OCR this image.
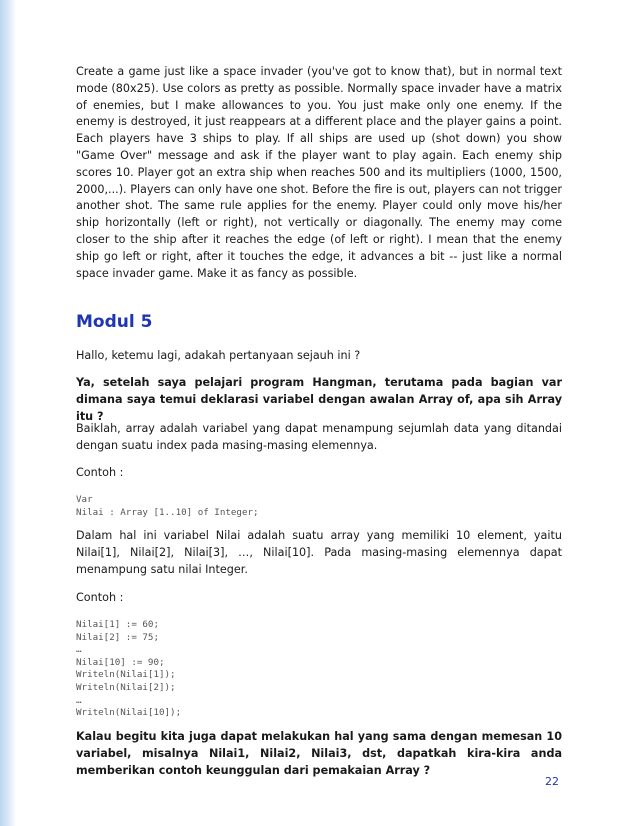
Create a game just like a space invader (you've got to know that), but in normal text mode (80x25). Use colors as pretty as possible. Normally space invader have a matrix of enemies, but I make allowances to you. You just make only one enemy. If the enemy is destroyed, it just reappears at a different place and the player gains a point. Each players have 3 ships to play. If all ships are used up (shot down) you show "Game Over" message and ask if the player want to play again. Each enemy ship scores 10. Player got an extra ship when reaches 500 and its multipliers (1000, 1500, 2000,...). Players can only have one shot. Before the fire is out, players can not trigger another shot. The same rule applies for the enemy. Player could only move his/her ship horizontally (left or right), not vertically or diagonally. The enemy may come closer to the ship after it reaches the edge (of left or right). I mean that the enemy ship go left or right, after it touches the edge, it advances a bit -- just like a normal space invader game. Make it as fancy as possible.

Modul 5

Hallo, ketemu lagi, adakah pertanyaan sejauh ini ?

Ya, setelah saya pelajari program Hangman, terutama pada bagian var dimana saya temui deklarasi variabel dengan awalan Array of, apa sih Array itu ?

Baiklah, array adalah variabel yang dapat menampung sejumlah data yang ditandai dengan suatu index pada masing-masing elemennya.

Contoh :

Var
Nilai : Array [1..10] of Integer;

Dalam hal ini variabel Nilai adalah suatu array yang memiliki 10 element, yaitu Nilai[1], Nilai[2], Nilai[3], …, Nilai[10]. Pada masing-masing elemennya dapat menampung satu nilai Integer.

Contoh :

Nilai[1] := 60;
Nilai[2] := 75;
…
Nilai[10] := 90;
Writeln(Nilai[1]);
Writeln(Nilai[2]);
…
Writeln(Nilai[10]);

Kalau begitu kita juga dapat melakukan hal yang sama dengan memesan 10 variabel, misalnya Nilai1, Nilai2, Nilai3, dst, dapatkah kira-kira anda memberikan contoh keunggulan dari pemakaian Array ?

22
